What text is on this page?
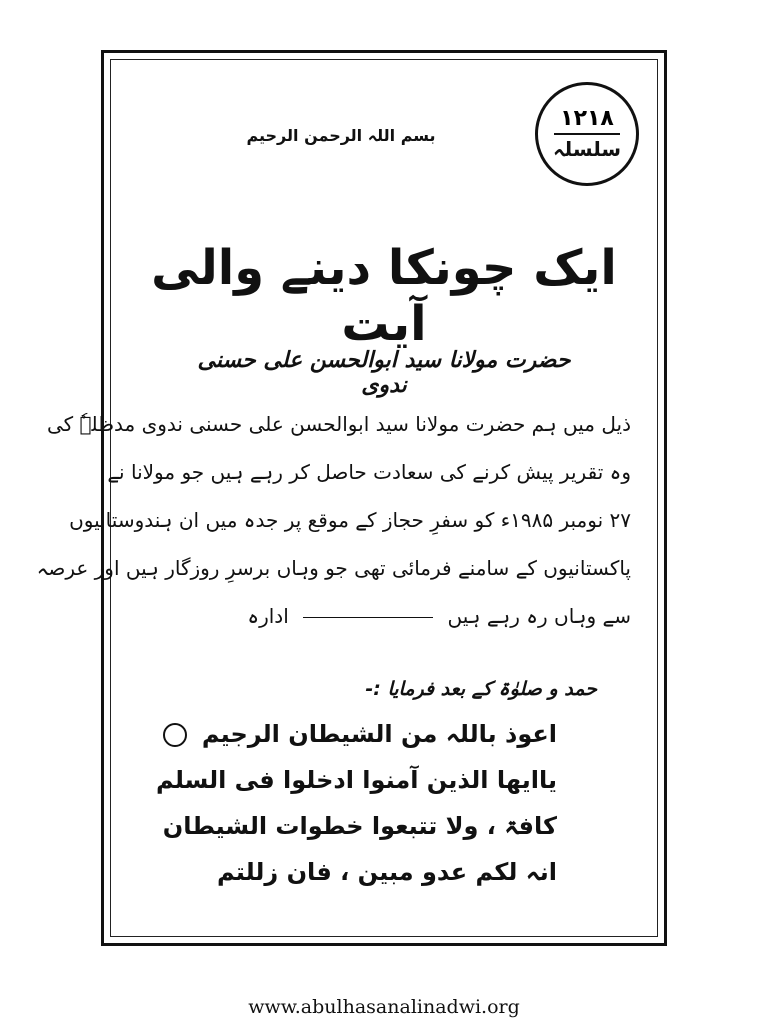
۱۲۱۸
سلسلہ
بسم اللہ الرحمن الرحیم
ایک چونکا دینے والی آیت
حضرت مولانا سید ابوالحسن علی حسنی ندوی
ذیل میں ہم حضرت مولانا سید ابوالحسن علی حسنی ندوی مدظلہٗ کی
وہ تقریر پیش کرنے کی سعادت حاصل کر رہے ہیں جو مولانا نے
۲۷ نومبر ۱۹۸۵ء کو سفرِ حجاز کے موقع پر جدہ میں ان ہندوستانیوں
پاکستانیوں کے سامنے فرمائی تھی جو وہاں برسرِ روزگار ہیں اور عرصہ
سے وہاں رہ رہے ہیں  ادارہ
حمد و صلوٰۃ کے بعد فرمایا :-
اعوذ باللہ من الشیطان الرجیم
یاایھا الذین آمنوا ادخلوا فی السلم
کافۃ ، ولا تتبعوا خطوات الشیطان
انہ لکم عدو مبین ، فان زللتم
www.abulhasanalinadwi.org
